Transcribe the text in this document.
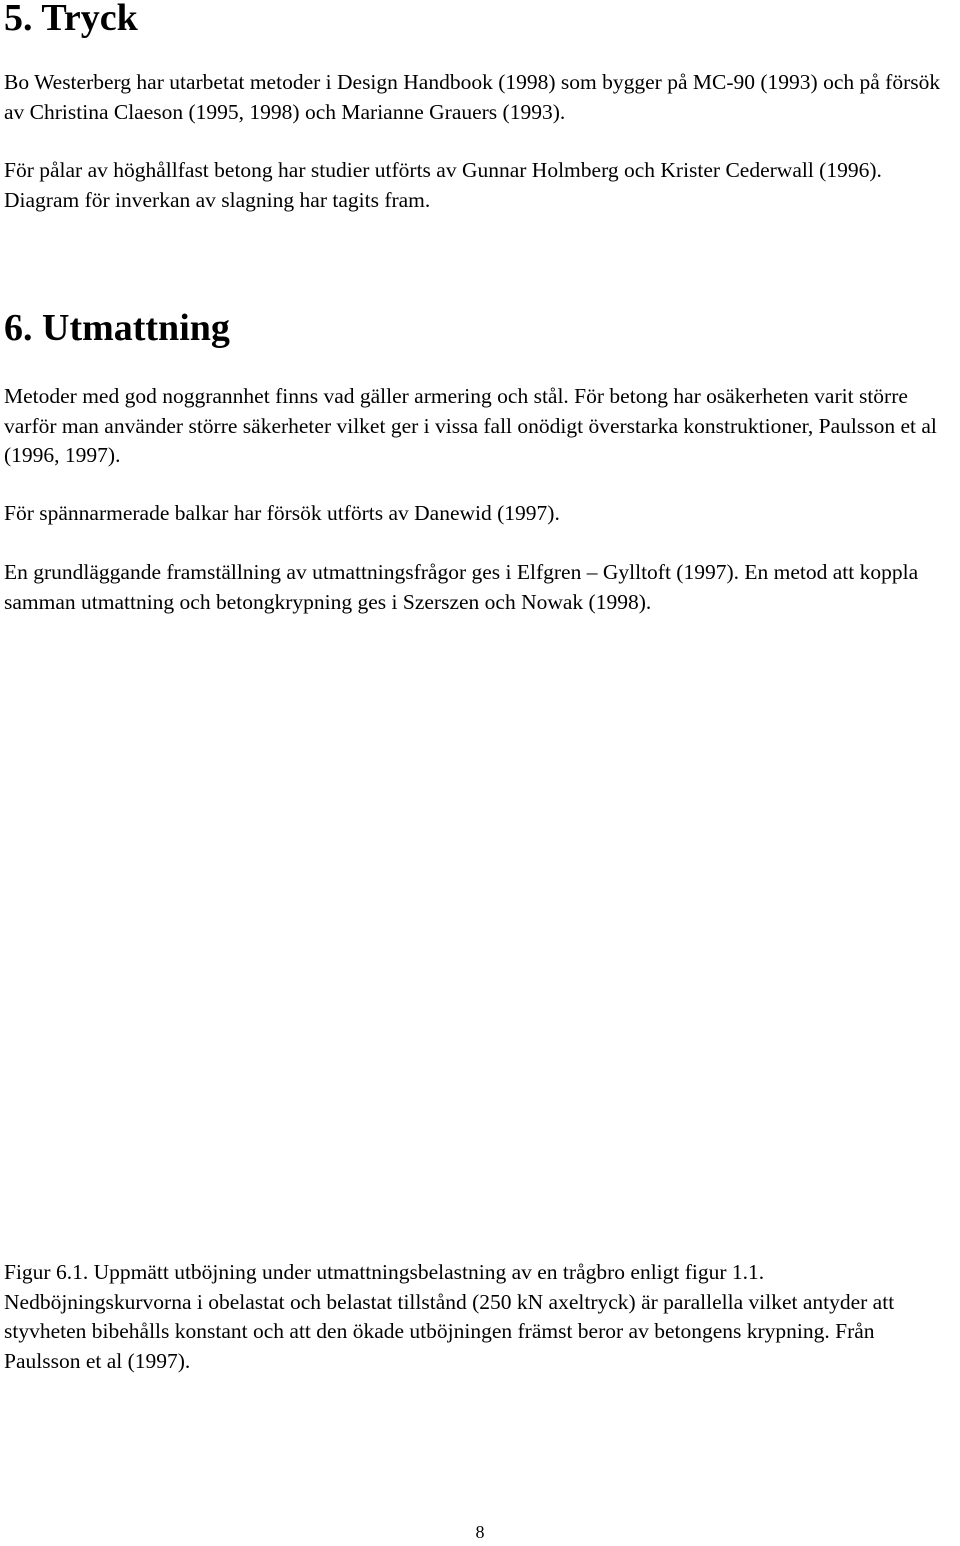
5. Tryck

Bo Westerberg har utarbetat metoder i Design Handbook (1998) som bygger på MC-90 (1993) och på försök av Christina Claeson (1995, 1998) och Marianne Grauers (1993).

För pålar av höghållfast betong har studier utförts av Gunnar Holmberg och Krister Cederwall (1996). Diagram för inverkan av slagning har tagits fram.

6. Utmattning

Metoder med god noggrannhet finns vad gäller armering och stål. För betong har osäkerheten varit större varför man använder större säkerheter vilket ger i vissa fall onödigt överstarka konstruktioner, Paulsson et al (1996, 1997).

För spännarmerade balkar har försök utförts av Danewid (1997).

En grundläggande framställning av utmattningsfrågor ges i Elfgren – Gylltoft (1997). En metod att koppla samman utmattning och betongkrypning ges i Szerszen och Nowak (1998).

Figur 6.1. Uppmätt utböjning under utmattningsbelastning av en trågbro enligt figur 1.1. Nedböjningskurvorna i obelastat och belastat tillstånd (250 kN axeltryck) är parallella vilket antyder att styvheten bibehålls konstant och att den ökade utböjningen främst beror av betongens krypning. Från Paulsson et al (1997).

8
